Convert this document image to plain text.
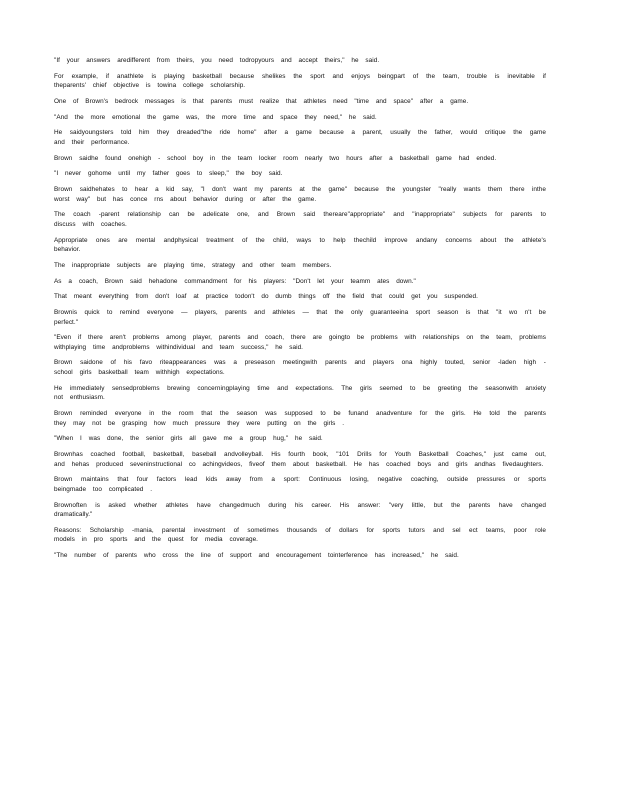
"If your answers aredifferent from theirs, you need todropyours and accept theirs," he said.

For example, if anathlete is playing basketball because shelikes the sport and enjoys beingpart of the team, trouble is inevitable if theparents' chief objective is towina college scholarship.

One of Brown's bedrock messages is that parents must realize that athletes need "time and space" after a game.

"And the more emotional the game was, the more time and space they need," he said.

He saidyoungsters told him they dreaded"the ride home" after a game because a parent, usually the father, would critique the game and their performance.

Brown saidhe found onehigh - school boy in the team locker room nearly two hours after a basketball game had ended.

"I never gohome until my father goes to sleep," the boy said.

Brown saidhehates to hear a kid say, "I don't want my parents at the game" because the youngster "really wants them there inthe worst way" but has conce rns about behavior during or after the game.

The coach -parent relationship can be adelicate one, and Brown said thereare"appropriate" and "inappropriate" subjects for parents to discuss with coaches.

Appropriate ones are mental andphysical treatment of the child, ways to help thechild improve andany concerns about the athlete's behavior.

The inappropriate subjects are playing time, strategy and other team members.

As a coach, Brown said hehadone commandment for his players: "Don't let your teamm ates down."

That meant everything from don't loaf at practice todon't do dumb things off the field that could get you suspended.

Brownis quick to remind everyone — players, parents and athletes — that the only guaranteeina sport season is that "it wo n't be perfect."

"Even if there aren't problems among player, parents and coach, there are goingto be problems with relationships on the team, problems withplaying time andproblems withindividual and team success," he said.

Brown saidone of his favo riteappearances was a preseason meetingwith parents and players ona highly touted, senior -laden high -school girls basketball team withhigh expectations.

He immediately sensedproblems brewing concerningplaying time and expectations. The girls seemed to be greeting the seasonwith anxiety not enthusiasm.

Brown reminded everyone in the room that the season was supposed to be funand anadventure for the girls. He told the parents they may not be grasping how much pressure they were putting on the girls .

"When I was done, the senior girls all gave me a group hug," he said.

Brownhas coached football, basketball, baseball andvolleyball. His fourth book, "101 Drills for Youth Basketball Coaches," just came out, and hehas produced seveninstructional co achingvideos, fiveof them about basketball. He has coached boys and girls andhas fivedaughters.

Brown maintains that four factors lead kids away from a sport: Continuous losing, negative coaching, outside pressures or sports beingmade too complicated .

Brownoften is asked whether athletes have changedmuch during his career. His answer: "very little, but the parents have changed dramatically."

Reasons: Scholarship -mania, parental investment of sometimes thousands of dollars for sports tutors and sel ect teams, poor role models in pro sports and the quest for media coverage.

"The number of parents who cross the line of support and encouragement tointerference has increased," he said.
